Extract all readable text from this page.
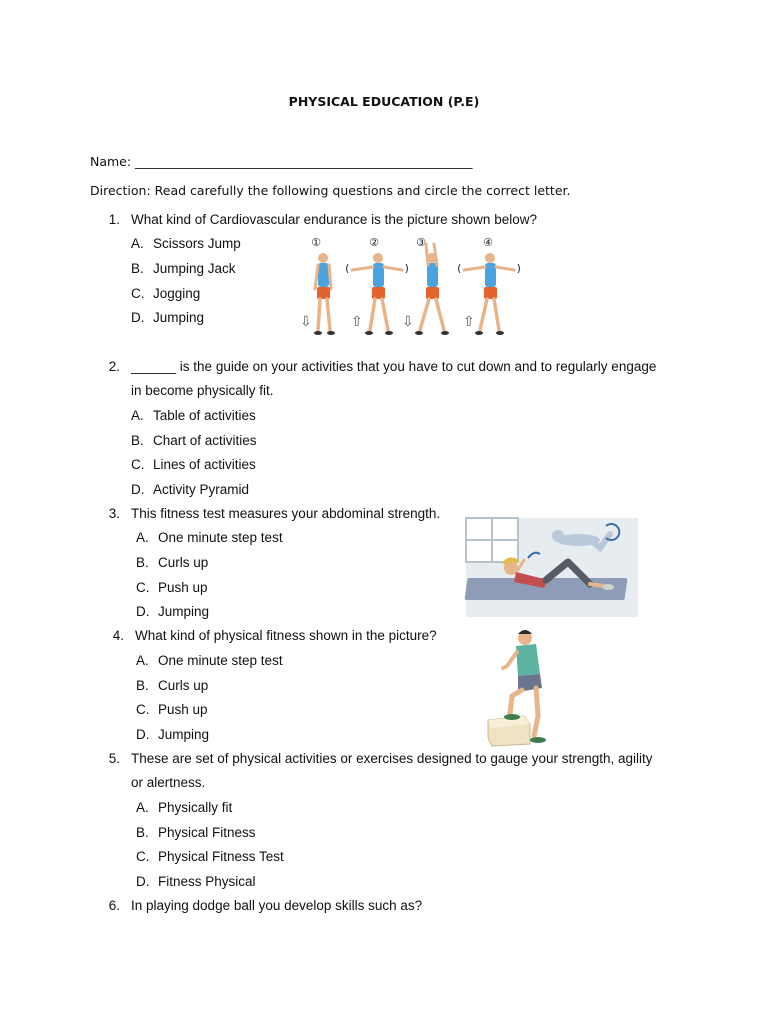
PHYSICAL EDUCATION (P.E)
Name: ______________________________________________________
Direction: Read carefully the following questions and circle the correct letter.
1. What kind of Cardiovascular endurance is the picture shown below?
A. Scissors Jump
B. Jumping Jack
C. Jogging
D. Jumping
①	②	③	④
⇩	⇧	⇩	⇧
2. ______ is the guide on your activities that you have to cut down and to regularly engage
in become physically fit.
A. Table of activities
B. Chart of activities
C. Lines of activities
D. Activity Pyramid
3. This fitness test measures your abdominal strength.
A. One minute step test
B. Curls up
C. Push up
D. Jumping
4. What kind of physical fitness shown in the picture?
A. One minute step test
B. Curls up
C. Push up
D. Jumping
5. These are set of physical activities or exercises designed to gauge your strength, agility
or alertness.
A. Physically fit
B. Physical Fitness
C. Physical Fitness Test
D. Fitness Physical
6. In playing dodge ball you develop skills such as?
